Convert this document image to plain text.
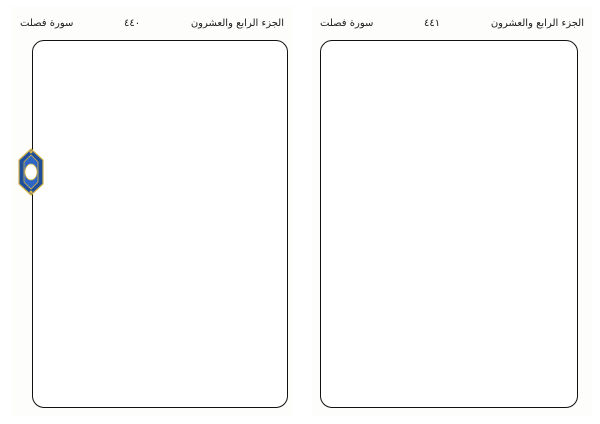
سورة فصلت	٤٤٠	الجزء الرابع والعشرون	سورة فصلت	٤٤١	الجزء الرابع والعشرون
